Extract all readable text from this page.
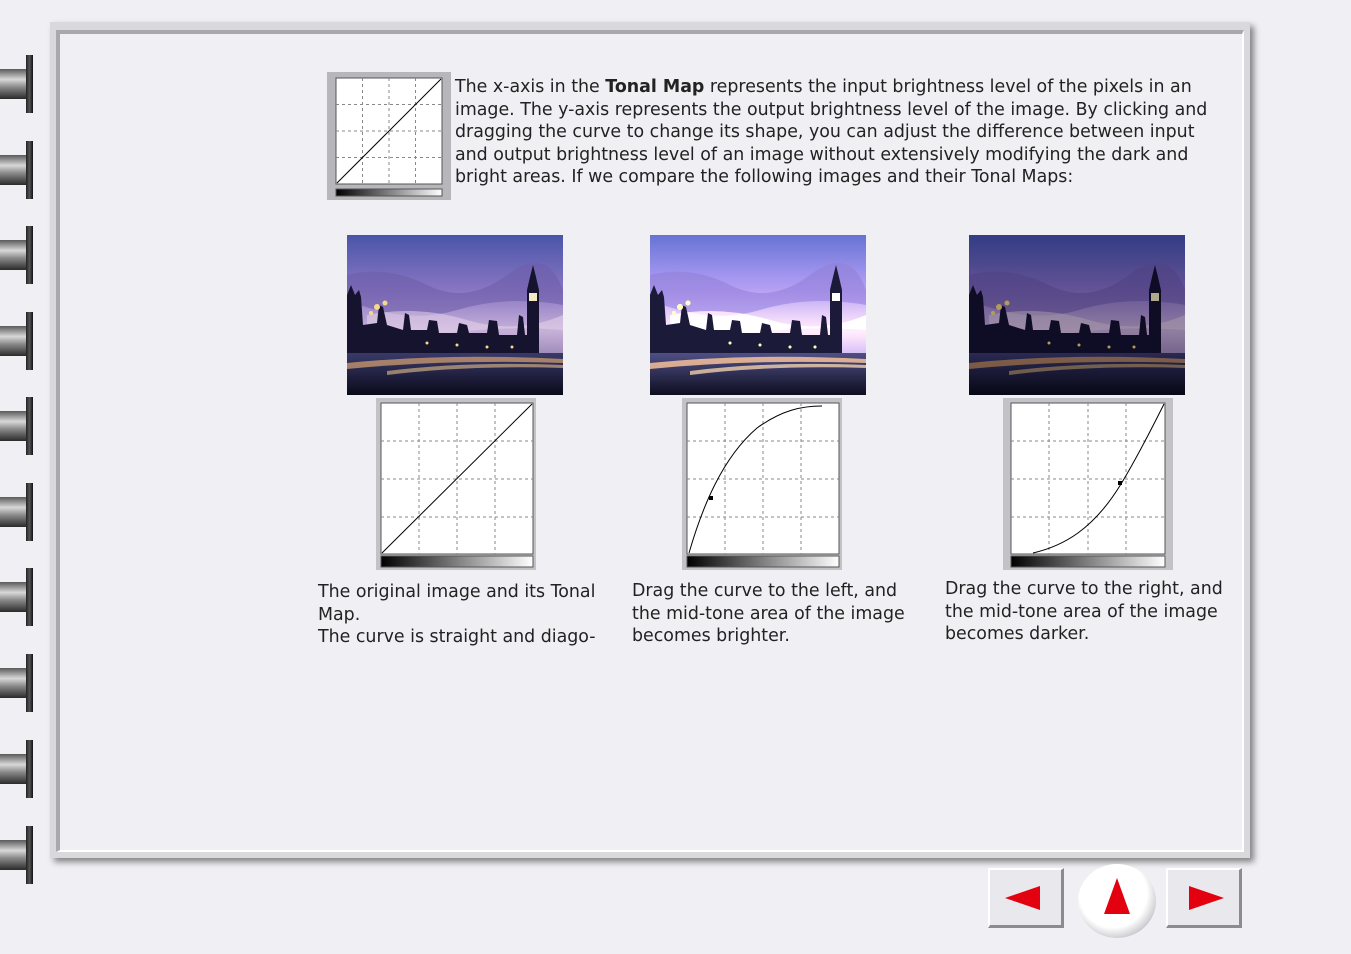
The x-axis in the Tonal Map represents the input brightness level of the pixels in an image. The y-axis represents the output brightness level of the image. By clicking and dragging the curve to change its shape, you can adjust the difference between input and output brightness level of an image without extensively modifying the dark and bright areas. If we compare the following images and their Tonal Maps:

The original image and its Tonal
Map.
The curve is straight and diago-

Drag the curve to the left, and
the mid-tone area of the image
becomes brighter.

Drag the curve to the right, and
the mid-tone area of the image
becomes darker.
